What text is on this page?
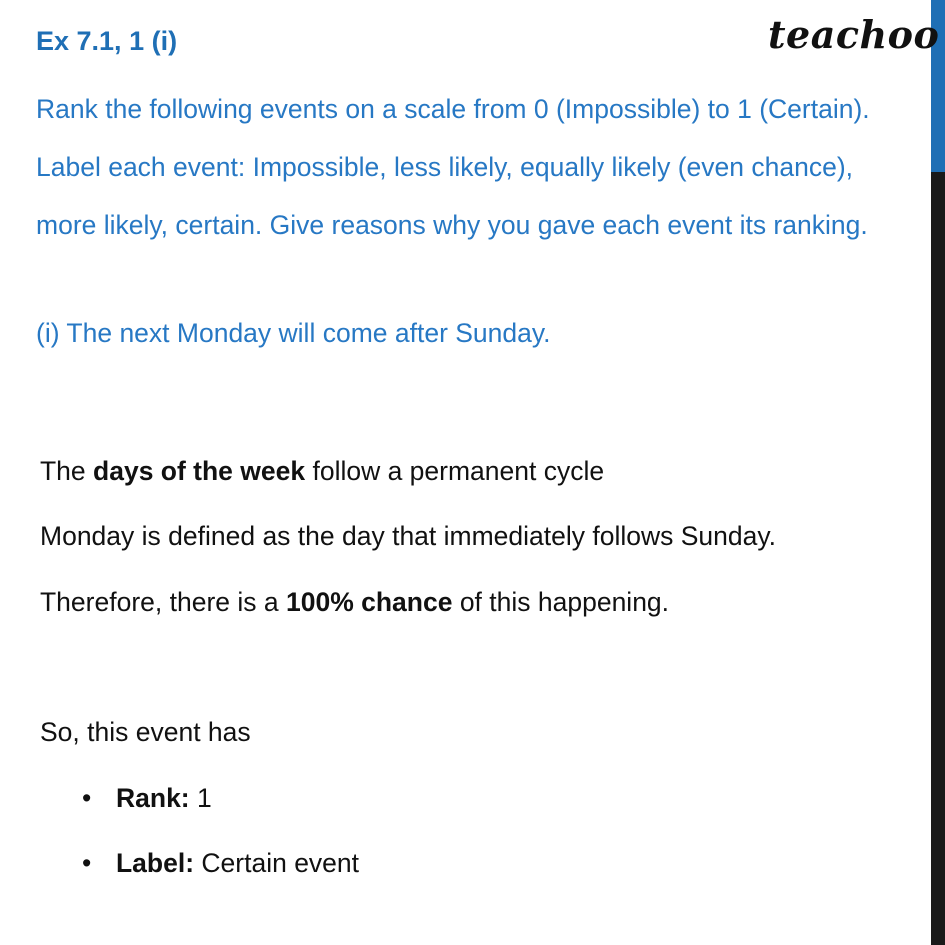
teachoo
Ex 7.1, 1 (i)

Rank the following events on a scale from 0 (Impossible) to 1 (Certain). Label each event: Impossible, less likely, equally likely (even chance), more likely, certain. Give reasons why you gave each event its ranking.

(i) The next Monday will come after Sunday.
The days of the week follow a permanent cycle
Monday is defined as the day that immediately follows Sunday.
Therefore, there is a 100% chance of this happening.
So, this event has
• Rank: 1
• Label: Certain event
